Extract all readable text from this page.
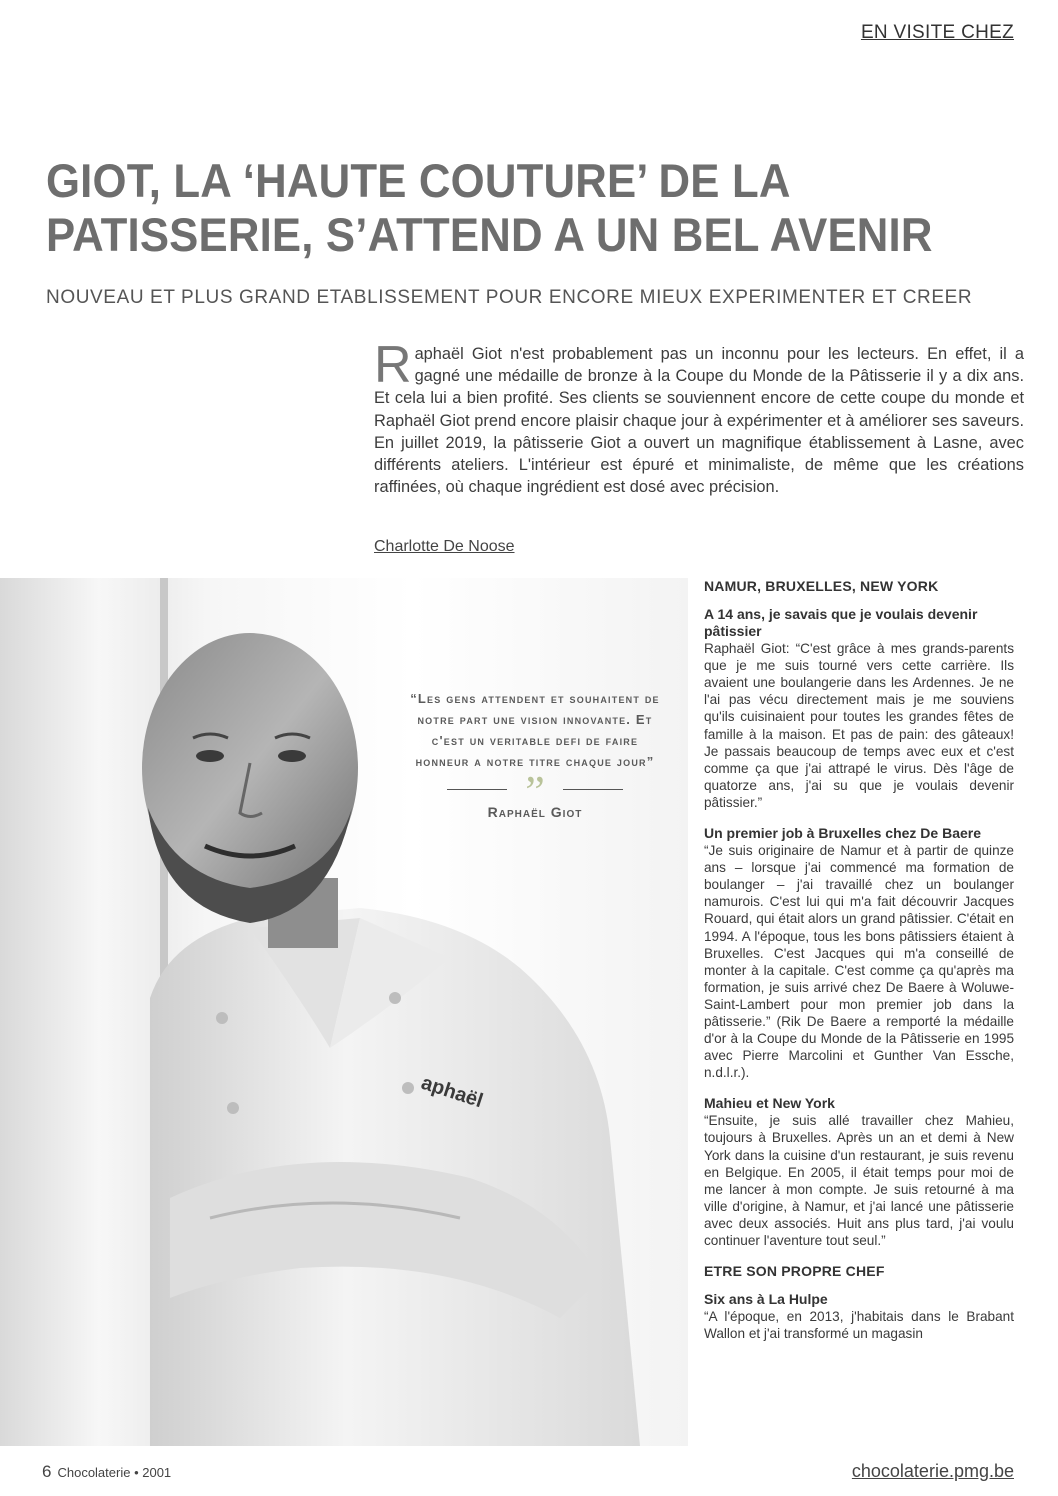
EN VISITE CHEZ
GIOT, LA ‘HAUTE COUTURE’ DE LA
PATISSERIE, S’ATTEND A UN BEL AVENIR

NOUVEAU ET PLUS GRAND ETABLISSEMENT POUR ENCORE MIEUX EXPERIMENTER ET CREER

Raphaël Giot n'est probablement pas un inconnu pour les lecteurs. En effet, il a gagné une médaille de bronze à la Coupe du Monde de la Pâtisserie il y a dix ans. Et cela lui a bien profité. Ses clients se souviennent encore de cette coupe du monde et Raphaël Giot prend encore plaisir chaque jour à expérimenter et à améliorer ses saveurs. En juillet 2019, la pâtisserie Giot a ouvert un magnifique établissement à Lasne, avec différents ateliers. L'intérieur est épuré et minimaliste, de même que les créations raffinées, où chaque ingrédient est dosé avec précision.

Charlotte De Noose
aphaël

“Les gens attendent et souhaitent de notre part une vision innovante. Et c'est un veritable defi de faire honneur a notre titre chaque jour”

”
Raphaël Giot

NAMUR, BRUXELLES, NEW YORK

A 14 ans, je savais que je voulais devenir pâtissier

Raphaël Giot: “C'est grâce à mes grands-parents que je me suis tourné vers cette carrière. Ils avaient une boulangerie dans les Ardennes. Je ne l'ai pas vécu directement mais je me souviens qu'ils cuisinaient pour toutes les grandes fêtes de famille à la maison. Et pas de pain: des gâteaux! Je passais beaucoup de temps avec eux et c'est comme ça que j'ai attrapé le virus. Dès l'âge de quatorze ans, j'ai su que je voulais devenir pâtissier.”

Un premier job à Bruxelles chez De Baere

“Je suis originaire de Namur et à partir de quinze ans – lorsque j'ai commencé ma formation de boulanger – j'ai travaillé chez un boulanger namurois. C'est lui qui m'a fait découvrir Jacques Rouard, qui était alors un grand pâtissier. C'était en 1994. A l'époque, tous les bons pâtissiers étaient à Bruxelles. C'est Jacques qui m'a conseillé de monter à la capitale. C'est comme ça qu'après ma formation, je suis arrivé chez De Baere à Woluwe-Saint-Lambert pour mon premier job dans la pâtisserie.” (Rik De Baere a remporté la médaille d'or à la Coupe du Monde de la Pâtisserie en 1995 avec Pierre Marcolini et Gunther Van Essche, n.d.l.r.).

Mahieu et New York

“Ensuite, je suis allé travailler chez Mahieu, toujours à Bruxelles. Après un an et demi à New York dans la cuisine d'un restaurant, je suis revenu en Belgique. En 2005, il était temps pour moi de me lancer à mon compte. Je suis retourné à ma ville d'origine, à Namur, et j'ai lancé une pâtisserie avec deux associés. Huit ans plus tard, j'ai voulu continuer l'aventure tout seul.”

ETRE SON PROPRE CHEF

Six ans à La Hulpe

“A l'époque, en 2013, j'habitais dans le Brabant Wallon et j'ai transformé un magasin

6 Chocolaterie • 2001	chocolaterie.pmg.be
